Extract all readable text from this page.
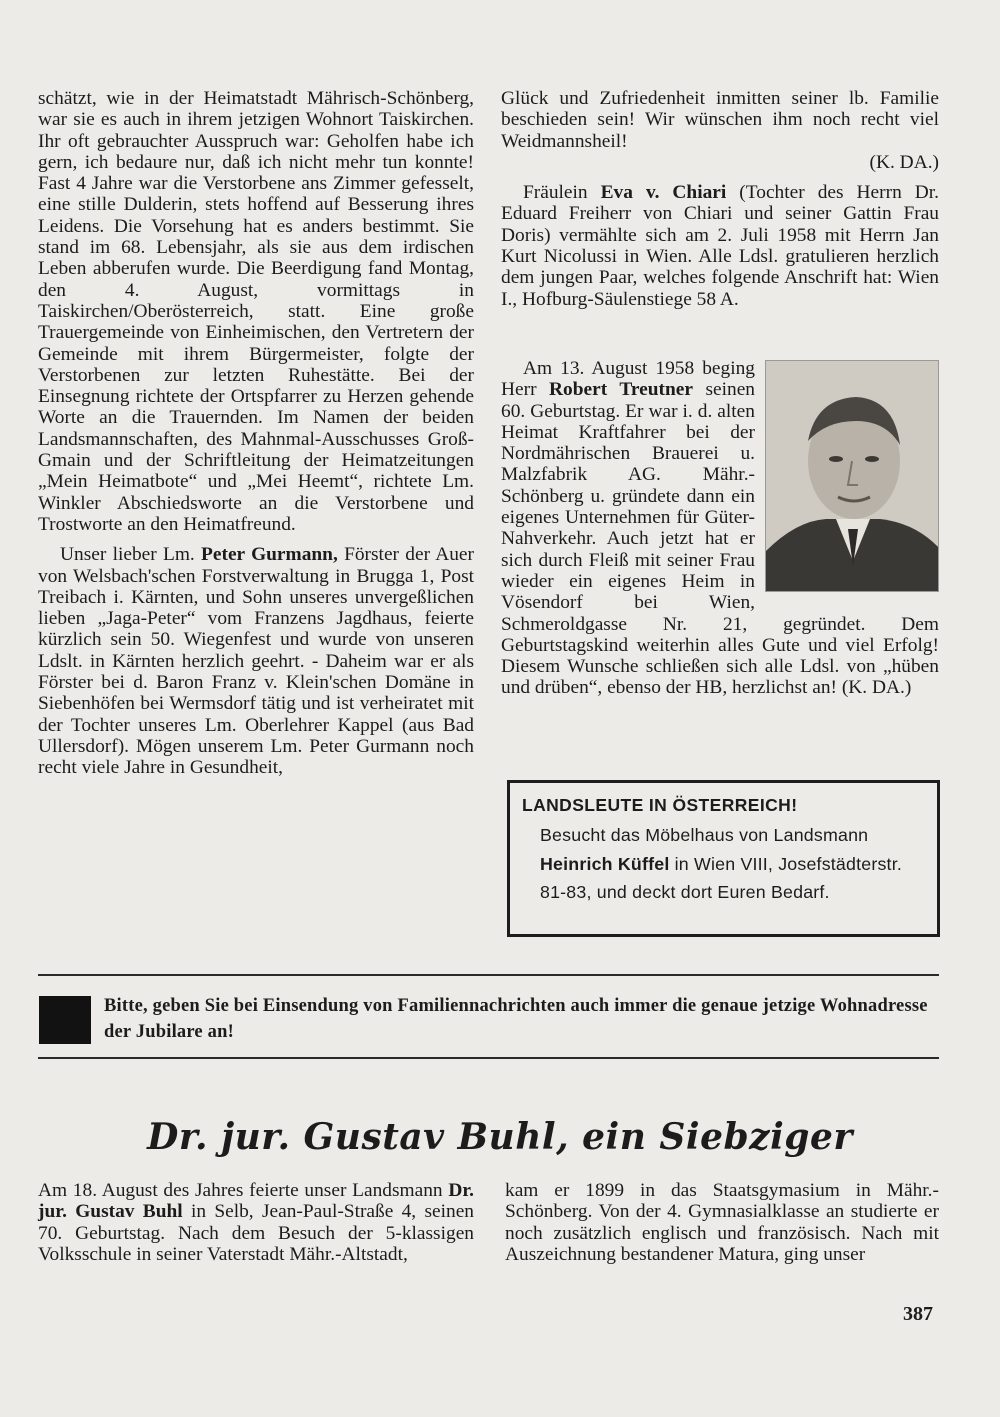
schätzt, wie in der Heimatstadt Mährisch-Schönberg, war sie es auch in ihrem jetzigen Wohnort Taiskirchen. Ihr oft gebrauchter Ausspruch war: Geholfen habe ich gern, ich bedaure nur, daß ich nicht mehr tun konnte! Fast 4 Jahre war die Verstorbene ans Zimmer gefesselt, eine stille Dulderin, stets hoffend auf Besserung ihres Leidens. Die Vorsehung hat es anders bestimmt. Sie stand im 68. Lebensjahr, als sie aus dem irdischen Leben abberufen wurde. Die Beerdigung fand Montag, den 4. August, vormittags in Taiskirchen/Oberösterreich, statt. Eine große Trauergemeinde von Einheimischen, den Vertretern der Gemeinde mit ihrem Bürgermeister, folgte der Verstorbenen zur letzten Ruhestätte. Bei der Einsegnung richtete der Ortspfarrer zu Herzen gehende Worte an die Trauernden. Im Namen der beiden Landsmannschaften, des Mahnmal-Ausschusses Groß-Gmain und der Schriftleitung der Heimatzeitungen „Mein Heimatbote“ und „Mei Heemt“, richtete Lm. Winkler Abschiedsworte an die Verstorbene und Trostworte an den Heimatfreund.

Unser lieber Lm. Peter Gurmann, Förster der Auer von Welsbach'schen Forstverwaltung in Brugga 1, Post Treibach i. Kärnten, und Sohn unseres unvergeßlichen lieben „Jaga-Peter“ vom Franzens Jagdhaus, feierte kürzlich sein 50. Wiegenfest und wurde von unseren Ldslt. in Kärnten herzlich geehrt. - Daheim war er als Förster bei d. Baron Franz v. Klein'schen Domäne in Siebenhöfen bei Wermsdorf tätig und ist verheiratet mit der Tochter unseres Lm. Oberlehrer Kappel (aus Bad Ullersdorf). Mögen unserem Lm. Peter Gurmann noch recht viele Jahre in Gesundheit,

Glück und Zufriedenheit inmitten seiner lb. Familie beschieden sein! Wir wünschen ihm noch recht viel Weidmannsheil!

(K. DA.)

Fräulein Eva v. Chiari (Tochter des Herrn Dr. Eduard Freiherr von Chiari und seiner Gattin Frau Doris) vermählte sich am 2. Juli 1958 mit Herrn Jan Kurt Nicolussi in Wien. Alle Ldsl. gratulieren herzlich dem jungen Paar, welches folgende Anschrift hat: Wien I., Hofburg-Säulenstiege 58 A.

Am 13. August 1958 beging Herr Robert Treutner seinen 60. Geburtstag. Er war i. d. alten Heimat Kraftfahrer bei der Nordmährischen Brauerei u. Malzfabrik AG. Mähr.-Schönberg u. gründete dann ein eigenes Unternehmen für Güter-Nahverkehr. Auch jetzt hat er sich durch Fleiß mit seiner Frau wieder ein eigenes Heim in Vösendorf bei Wien, Schmeroldgasse Nr. 21, gegründet. Dem Geburtstagskind weiterhin alles Gute und viel Erfolg! Diesem Wunsche schließen sich alle Ldsl. von „hüben und drüben“, ebenso der HB, herzlichst an! (K. DA.)

LANDSLEUTE IN ÖSTERREICH!
Besucht das Möbelhaus von Landsmann Heinrich Küffel in Wien VIII, Josefstädterstr. 81-83, und deckt dort Euren Bedarf.
Bitte, geben Sie bei Einsendung von Familiennachrichten auch immer die genaue jetzige Wohnadresse der Jubilare an!
Dr. jur. Gustav Buhl, ein Siebziger

Am 18. August des Jahres feierte unser Landsmann Dr. jur. Gustav Buhl in Selb, Jean-Paul-Straße 4, seinen 70. Geburtstag. Nach dem Besuch der 5-klassigen Volksschule in seiner Vaterstadt Mähr.-Altstadt,

kam er 1899 in das Staatsgymasium in Mähr.-Schönberg. Von der 4. Gymnasialklasse an studierte er noch zusätzlich englisch und französisch. Nach mit Auszeichnung bestandener Matura, ging unser

387
